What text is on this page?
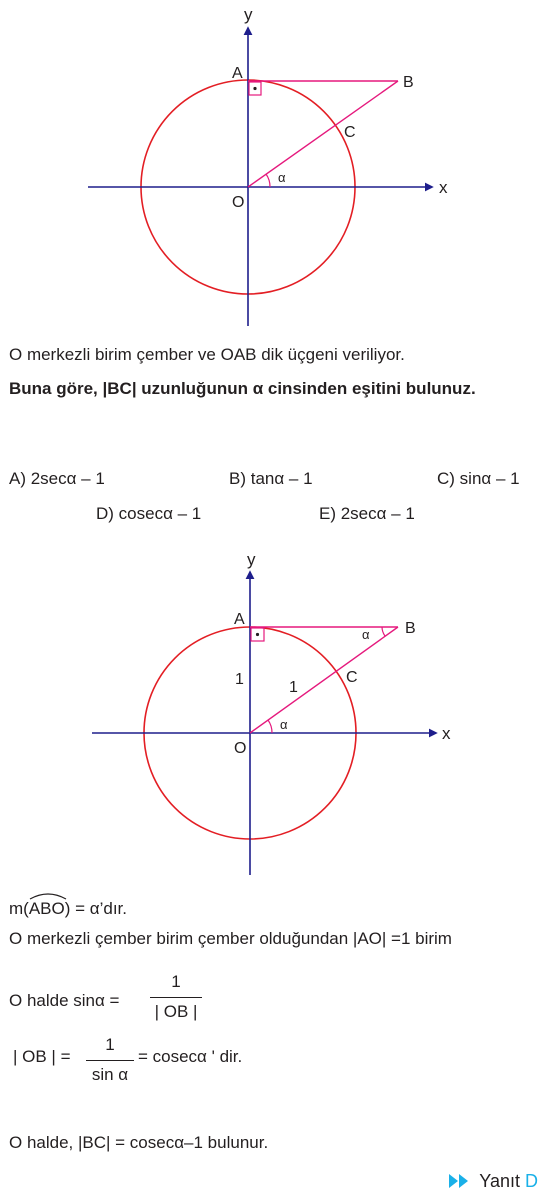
y
x
A
B
C
O
α
O merkezli birim çember ve OAB dik üçgeni veriliyor.
Buna göre, |BC| uzunluğunun α cinsinden eşitini bulunuz.
A) 2secα – 1	B) tanα – 1	C) sinα – 1
D) cosecα – 1	E) 2secα – 1
y
x
A
B
C
O
α
α
1	1
m(ABO
) = α’dır.
O merkezli çember birim çember olduğundan |AO| =1 birim
O halde sinα =
1
| OB |
| OB | =
1
sin α
= cosecα ' dir.
O halde, |BC| = cosecα–1 bulunur.
Yanıt D
